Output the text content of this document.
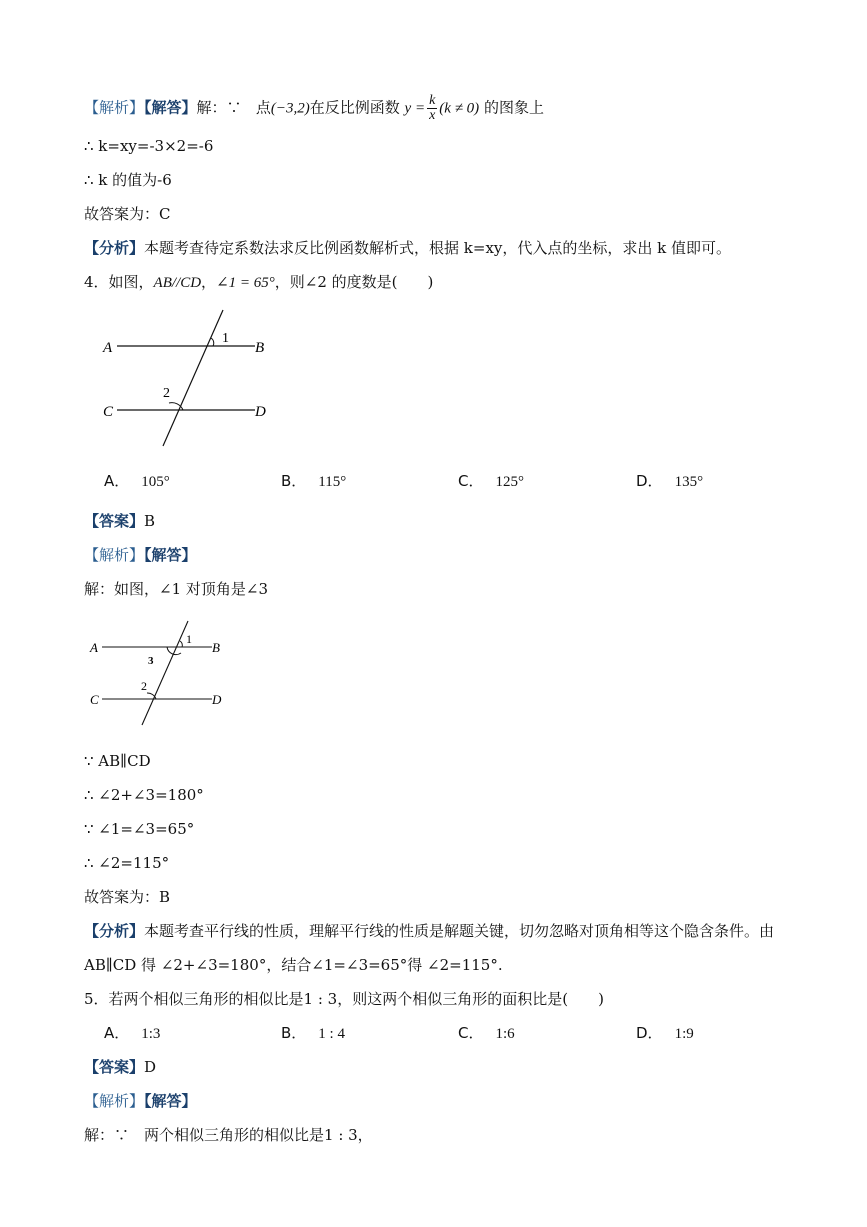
【解析】【解答】解：∵ 点(−3,2)在反比例函数 $y = \frac{k}{x} (k \ne 0)$ 的图象上
∴ k=xy=-3×2=-6
∴ k 的值为-6
故答案为：C
【分析】本题考查待定系数法求反比例函数解析式，根据 k=xy，代入点的坐标，求出 k 值即可。
4．如图，AB//CD，∠1 = 65°，则∠2 的度数是(　　)
A	B
C	D
1
2
A． 105°	B． 115°	C． 125°	D． 135°
【答案】B
【解析】【解答】
解：如图，∠1 对顶角是∠3
A	B
C	D
1
3
2
∵ AB∥CD
∴ ∠2+∠3=180°
∵ ∠1=∠3=65°
∴ ∠2=115°
故答案为：B
【分析】本题考查平行线的性质，理解平行线的性质是解题关键，切勿忽略对顶角相等这个隐含条件。由
AB∥CD 得 ∠2+∠3=180°，结合∠1=∠3=65°得 ∠2=115°.
5．若两个相似三角形的相似比是1 : 3，则这两个相似三角形的面积比是(　　)
A． 1:3	B． 1 : 4	C． 1:6	D． 1:9
【答案】D
【解析】【解答】
解：∵　两个相似三角形的相似比是1 : 3，
